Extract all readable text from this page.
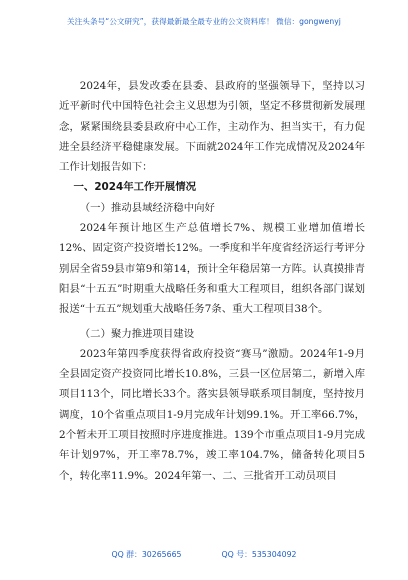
关注头条号“公文研究”，获得最新最全最专业的公文资料库！ 微信：gongwenyj

2024年，县发改委在县委、县政府的坚强领导下，坚持以习近平新时代中国特色社会主义思想为引领，坚定不移贯彻新发展理念，紧紧围绕县委县政府中心工作，主动作为、担当实干，有力促进全县经济平稳健康发展。下面就2024年工作完成情况及2024年工作计划报告如下：

一、2024年工作开展情况

（一）推动县域经济稳中向好

2024年预计地区生产总值增长7%、规模工业增加值增长12%、固定资产投资增长12%。一季度和半年度省经济运行考评分别居全省59县市第9和第14，预计全年稳居第一方阵。认真摸排青阳县“十五五”时期重大战略任务和重大工程项目，组织各部门谋划报送“十五五”规划重大战略任务7条、重大工程项目38个。

（二）聚力推进项目建设

2023年第四季度获得省政府投资“赛马”激励。2024年1-9月全县固定资产投资同比增长10.8%，三县一区位居第二，新增入库项目113个，同比增长33个。落实县领导联系项目制度，坚持按月调度，10个省重点项目1-9月完成年计划99.1%。开工率66.7%，2个暂未开工项目按照时序进度推进。139个市重点项目1-9月完成年计划97%，开工率78.7%，竣工率104.7%，储备转化项目5个，转化率11.9%。2024年第一、二、三批省开工动员项目

QQ 群：30265665	QQ 号：535304092
